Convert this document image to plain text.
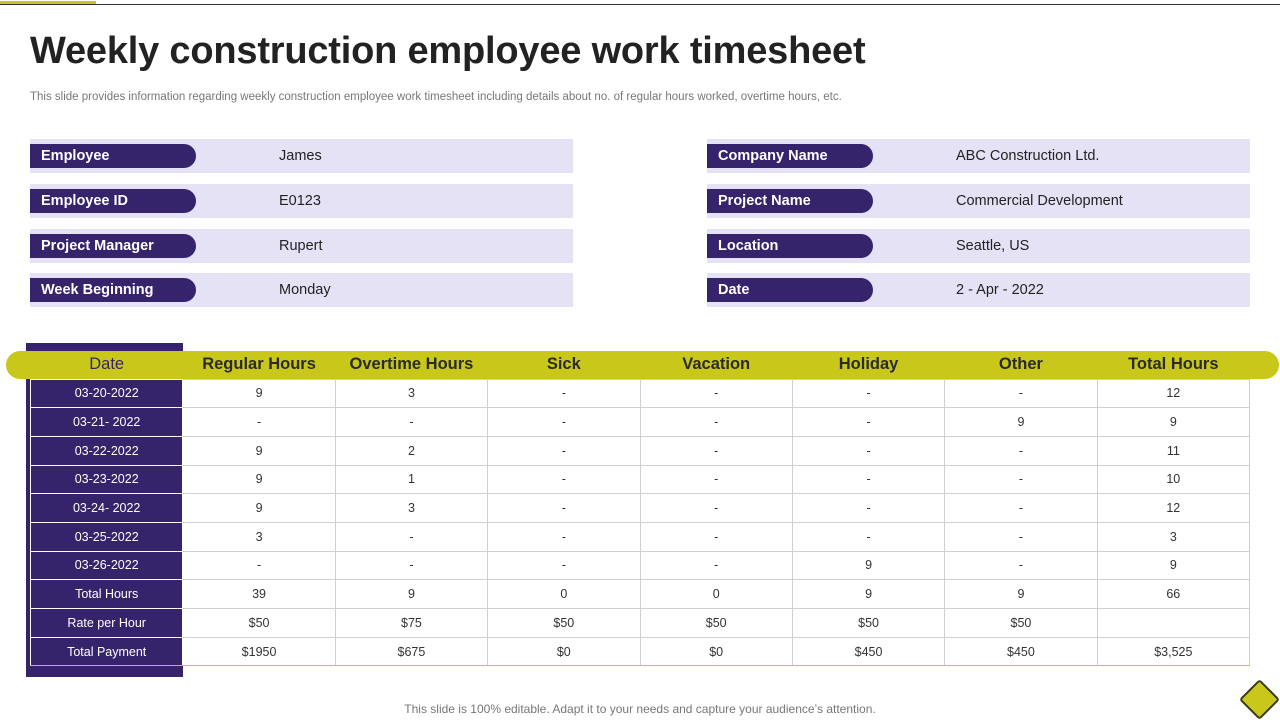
Weekly construction employee work timesheet

This slide provides information regarding weekly construction employee work timesheet including details about no. of regular hours worked, overtime hours, etc.

Employee	James
Employee ID	E0123
Project Manager	Rupert
Week Beginning	Monday
Company Name	ABC Construction Ltd.
Project Name	Commercial Development
Location	Seattle, US
Date	2 - Apr - 2022
Date	Regular Hours	Overtime Hours	Sick	Vacation	Holiday	Other	Total Hours
03-20-2022	9	3	-	-	-	-	12
03-21- 2022	-	-	-	-	-	9	9
03-22-2022	9	2	-	-	-	-	11
03-23-2022	9	1	-	-	-	-	10
03-24- 2022	9	3	-	-	-	-	12
03-25-2022	3	-	-	-	-	-	3
03-26-2022	-	-	-	-	9	-	9
Total Hours	39	9	0	0	9	9	66
Rate per Hour	$50	$75	$50	$50	$50	$50	
Total Payment	$1950	$675	$0	$0	$450	$450	$3,525

This slide is 100% editable. Adapt it to your needs and capture your audience’s attention.
